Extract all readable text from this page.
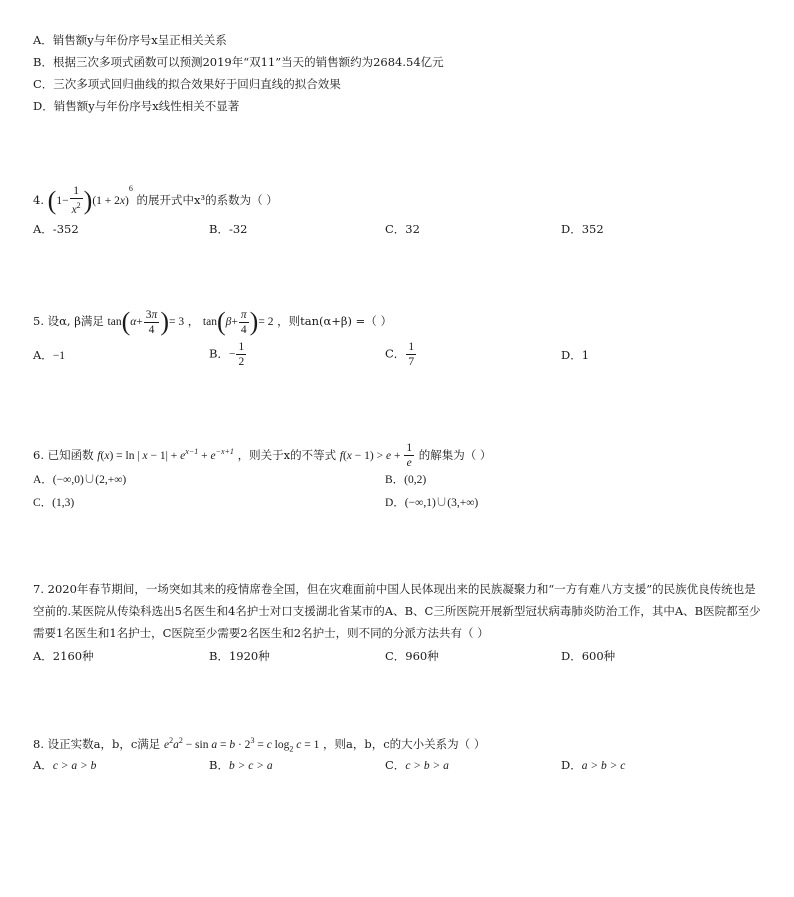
A．销售额y与年份序号x呈正相关关系
B．根据三次多项式函数可以预测2019年“双11”当天的销售额约为2684.54亿元
C．三次多项式回归曲线的拟合效果好于回归直线的拟合效果
D．销售额y与年份序号x线性相关不显著
4. $(1- \frac{1}{x^2} )(1 + 2x)^6$ 的展开式中x³的系数为（ ）
A．-352	B．-32	C．32	D．352
5. 设α, β满足 $\tan(\alpha+ \frac{3\pi}{4}$ )= 3 ， $\tan(\beta+ \frac{\pi}{4}$ )= 2 ，则tan(α+β) =（ ）
A．−1	B．− $\frac{1}{2}$	C． $\frac{1}{7}$	D．1
6. 已知函数 f(x) = ln | $x - 1| + e^{x-1} + e^{-x+1}$ ，则关于x的不等式 $f(x - 1) > e + \frac{1}{e}$ 的解集为（ ）
A．(−∞,0)∪(2,+∞)	B．(0,2)
C．(1,3)	D．(−∞,1)∪(3,+∞)
7. 2020年春节期间，一场突如其来的疫情席卷全国，但在灾难面前中国人民体现出来的民族凝聚力和“一方有难八方支援”的民族优良传统也是
空前的.某医院从传染科选出5名医生和4名护士对口支援湖北省某市的A、B、C三所医院开展新型冠状病毒肺炎防治工作，其中A、B医院都至少
需要1名医生和1名护士，C医院至少需要2名医生和2名护士，则不同的分派方法共有（ ）
A．2160种	B．1920种	C．960种	D．600种
8. 设正实数a，b，c满足 $e^2a^2 - \sin a = b \cdot 2^3 = c$ $\log_2 c = 1$ ，则a，b，c的大小关系为（ ）
A．c > a > b	B．b > c > a	C．c > b > a	D．a > b > c
